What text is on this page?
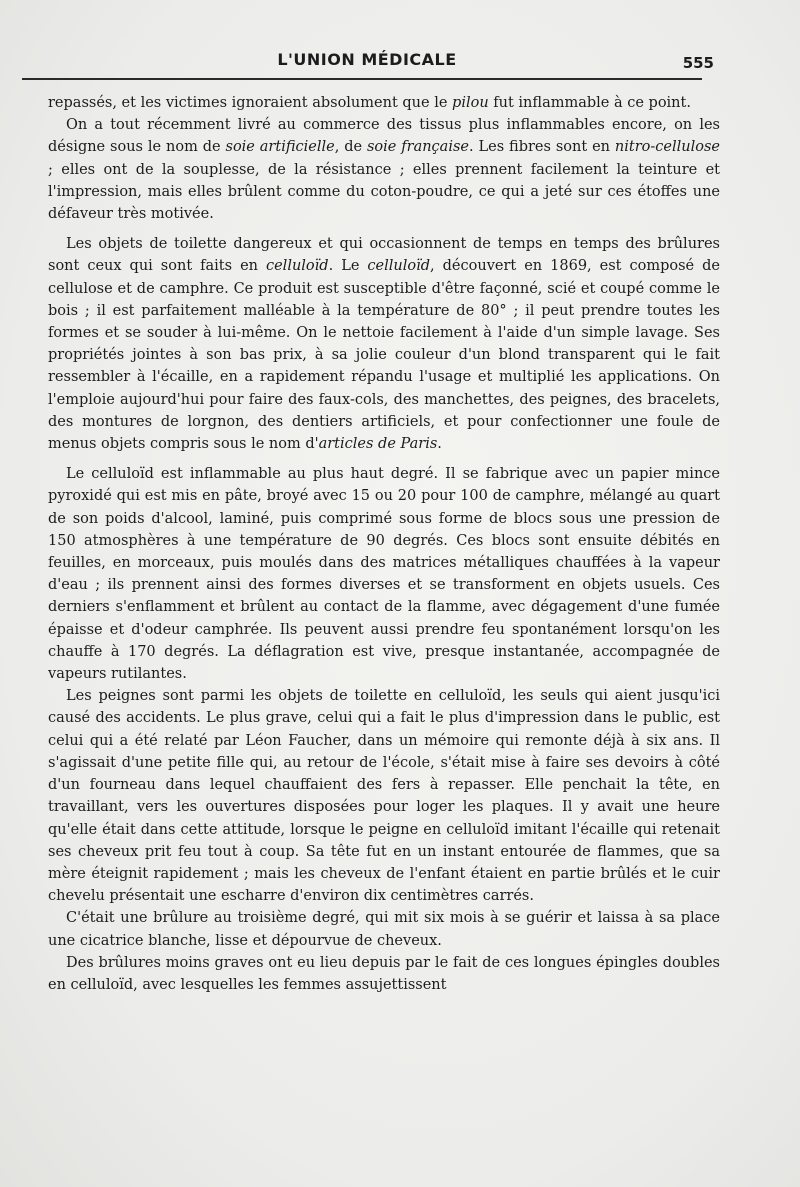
L'UNION MÉDICALE	555

repassés, et les victimes ignoraient absolument que le pilou fut inflammable à ce point.

On a tout récemment livré au commerce des tissus plus inflammables encore, on les désigne sous le nom de soie artificielle, de soie française. Les fibres sont en nitro-cellulose ; elles ont de la souplesse, de la résistance ; elles prennent facilement la teinture et l'impression, mais elles brûlent comme du coton-poudre, ce qui a jeté sur ces étoffes une défaveur très motivée.

Les objets de toilette dangereux et qui occasionnent de temps en temps des brûlures sont ceux qui sont faits en celluloïd. Le celluloïd, découvert en 1869, est composé de cellulose et de camphre. Ce produit est susceptible d'être façonné, scié et coupé comme le bois ; il est parfaitement malléable à la température de 80° ; il peut prendre toutes les formes et se souder à lui-même. On le nettoie facilement à l'aide d'un simple lavage. Ses propriétés jointes à son bas prix, à sa jolie couleur d'un blond transparent qui le fait ressembler à l'écaille, en a rapidement répandu l'usage et multiplié les applications. On l'emploie aujourd'hui pour faire des faux-cols, des manchettes, des peignes, des bracelets, des montures de lorgnon, des dentiers artificiels, et pour confectionner une foule de menus objets compris sous le nom d'articles de Paris.

Le celluloïd est inflammable au plus haut degré. Il se fabrique avec un papier mince pyroxidé qui est mis en pâte, broyé avec 15 ou 20 pour 100 de camphre, mélangé au quart de son poids d'alcool, laminé, puis comprimé sous forme de blocs sous une pression de 150 atmosphères à une température de 90 degrés. Ces blocs sont ensuite débités en feuilles, en morceaux, puis moulés dans des matrices métalliques chauffées à la vapeur d'eau ; ils prennent ainsi des formes diverses et se transforment en objets usuels. Ces derniers s'enflamment et brûlent au contact de la flamme, avec dégagement d'une fumée épaisse et d'odeur camphrée. Ils peuvent aussi prendre feu spontanément lorsqu'on les chauffe à 170 degrés. La déflagration est vive, presque instantanée, accompagnée de vapeurs rutilantes.

Les peignes sont parmi les objets de toilette en celluloïd, les seuls qui aient jusqu'ici causé des accidents. Le plus grave, celui qui a fait le plus d'impression dans le public, est celui qui a été relaté par Léon Faucher, dans un mémoire qui remonte déjà à six ans. Il s'agissait d'une petite fille qui, au retour de l'école, s'était mise à faire ses devoirs à côté d'un fourneau dans lequel chauffaient des fers à repasser. Elle penchait la tête, en travaillant, vers les ouvertures disposées pour loger les plaques. Il y avait une heure qu'elle était dans cette attitude, lorsque le peigne en celluloïd imitant l'écaille qui retenait ses cheveux prit feu tout à coup. Sa tête fut en un instant entourée de flammes, que sa mère éteignit rapidement ; mais les cheveux de l'enfant étaient en partie brûlés et le cuir chevelu présentait une escharre d'environ dix centimètres carrés.

C'était une brûlure au troisième degré, qui mit six mois à se guérir et laissa à sa place une cicatrice blanche, lisse et dépourvue de cheveux.

Des brûlures moins graves ont eu lieu depuis par le fait de ces longues épingles doubles en celluloïd, avec lesquelles les femmes assujettissent
